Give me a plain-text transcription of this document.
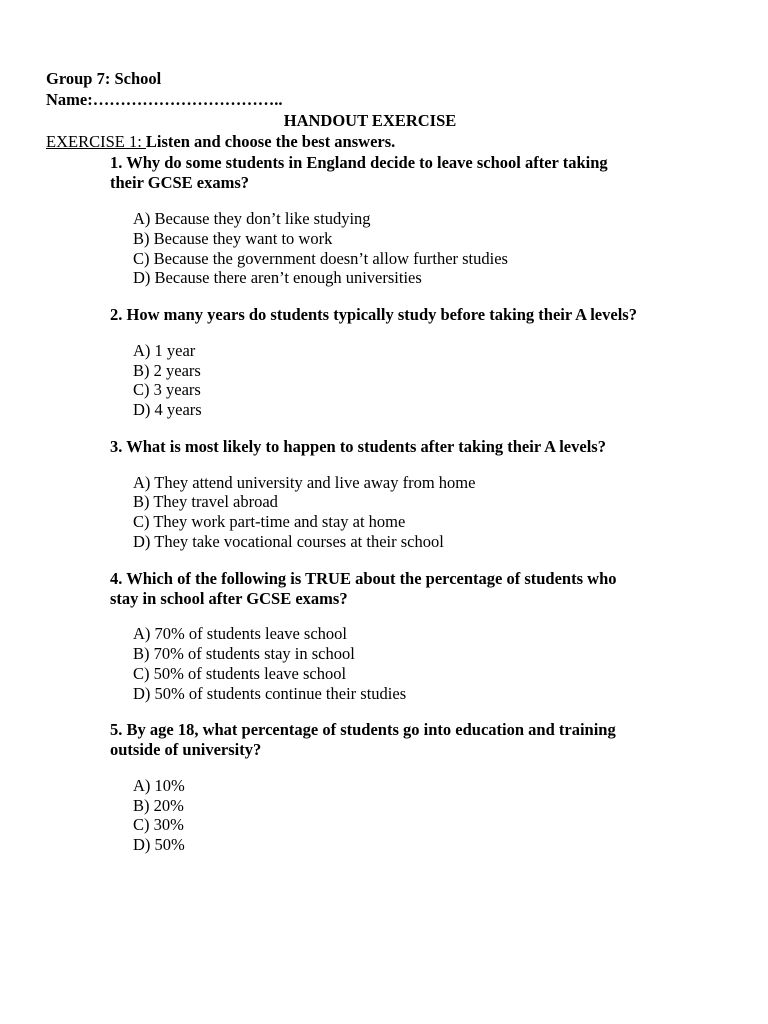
Group 7: School
Name:……………………………..
HANDOUT EXERCISE
EXERCISE 1: Listen and choose the best answers.
1. Why do some students in England decide to leave school after taking
their GCSE exams?
A) Because they don’t like studying
B) Because they want to work
C) Because the government doesn’t allow further studies
D) Because there aren’t enough universities
2. How many years do students typically study before taking their A levels?
A) 1 year
B) 2 years
C) 3 years
D) 4 years
3. What is most likely to happen to students after taking their A levels?
A) They attend university and live away from home
B) They travel abroad
C) They work part-time and stay at home
D) They take vocational courses at their school
4. Which of the following is TRUE about the percentage of students who
stay in school after GCSE exams?
A) 70% of students leave school
B) 70% of students stay in school
C) 50% of students leave school
D) 50% of students continue their studies
5. By age 18, what percentage of students go into education and training
outside of university?
A) 10%
B) 20%
C) 30%
D) 50%
